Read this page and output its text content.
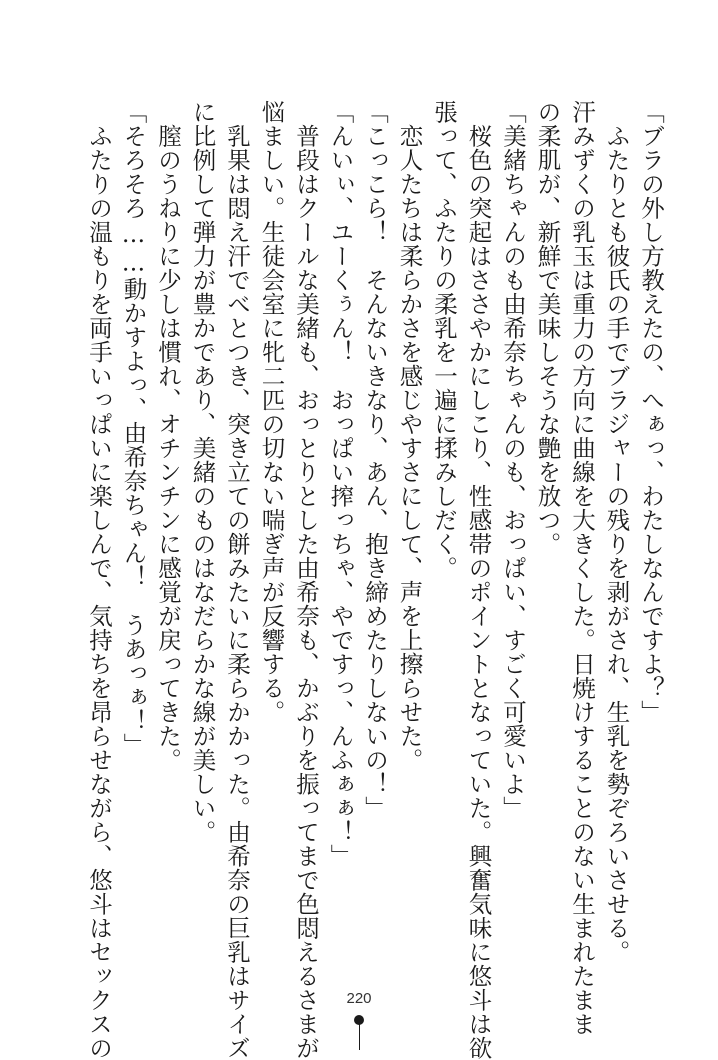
「ブラの外し方教えたの、へぁっ、わたしなんですよ？」

　ふたりとも彼氏の手でブラジャーの残りを剥がされ、生乳を勢ぞろいさせる。

汗みずくの乳玉は重力の方向に曲線を大きくした。日焼けすることのない生まれたまま

の柔肌が、新鮮で美味しそうな艶を放つ。

「美緒ちゃんのも由希奈ちゃんのも、おっぱい、すごく可愛いよ」

　桜色の突起はささやかにしこり、性感帯のポイントとなっていた。興奮気味に悠斗は欲

張って、ふたりの柔乳を一遍に揉みしだく。

　恋人たちは柔らかさを感じやすさにして、声を上擦らせた。

「こっこら！　そんないきなり、あん、抱き締めたりしないの！」

「んいぃ、ユーくぅん！　おっぱい搾っちゃ、やですっ、んふぁぁ！」

　普段はクールな美緒も、おっとりとした由希奈も、かぶりを振ってまで色悶えるさまが

悩ましい。生徒会室に牝二匹の切ない喘ぎ声が反響する。

　乳果は悶え汗でべとつき、突き立ての餅みたいに柔らかかった。由希奈の巨乳はサイズ

に比例して弾力が豊かであり、美緒のものはなだらかな線が美しい。

　膣のうねりに少しは慣れ、オチンチンに感覚が戻ってきた。

「そろそろ……動かすよっ、由希奈ちゃん！　うあっぁ！」

　ふたりの温もりを両手いっぱいに楽しんで、気持ちを昂らせながら、悠斗はセックスの	220
